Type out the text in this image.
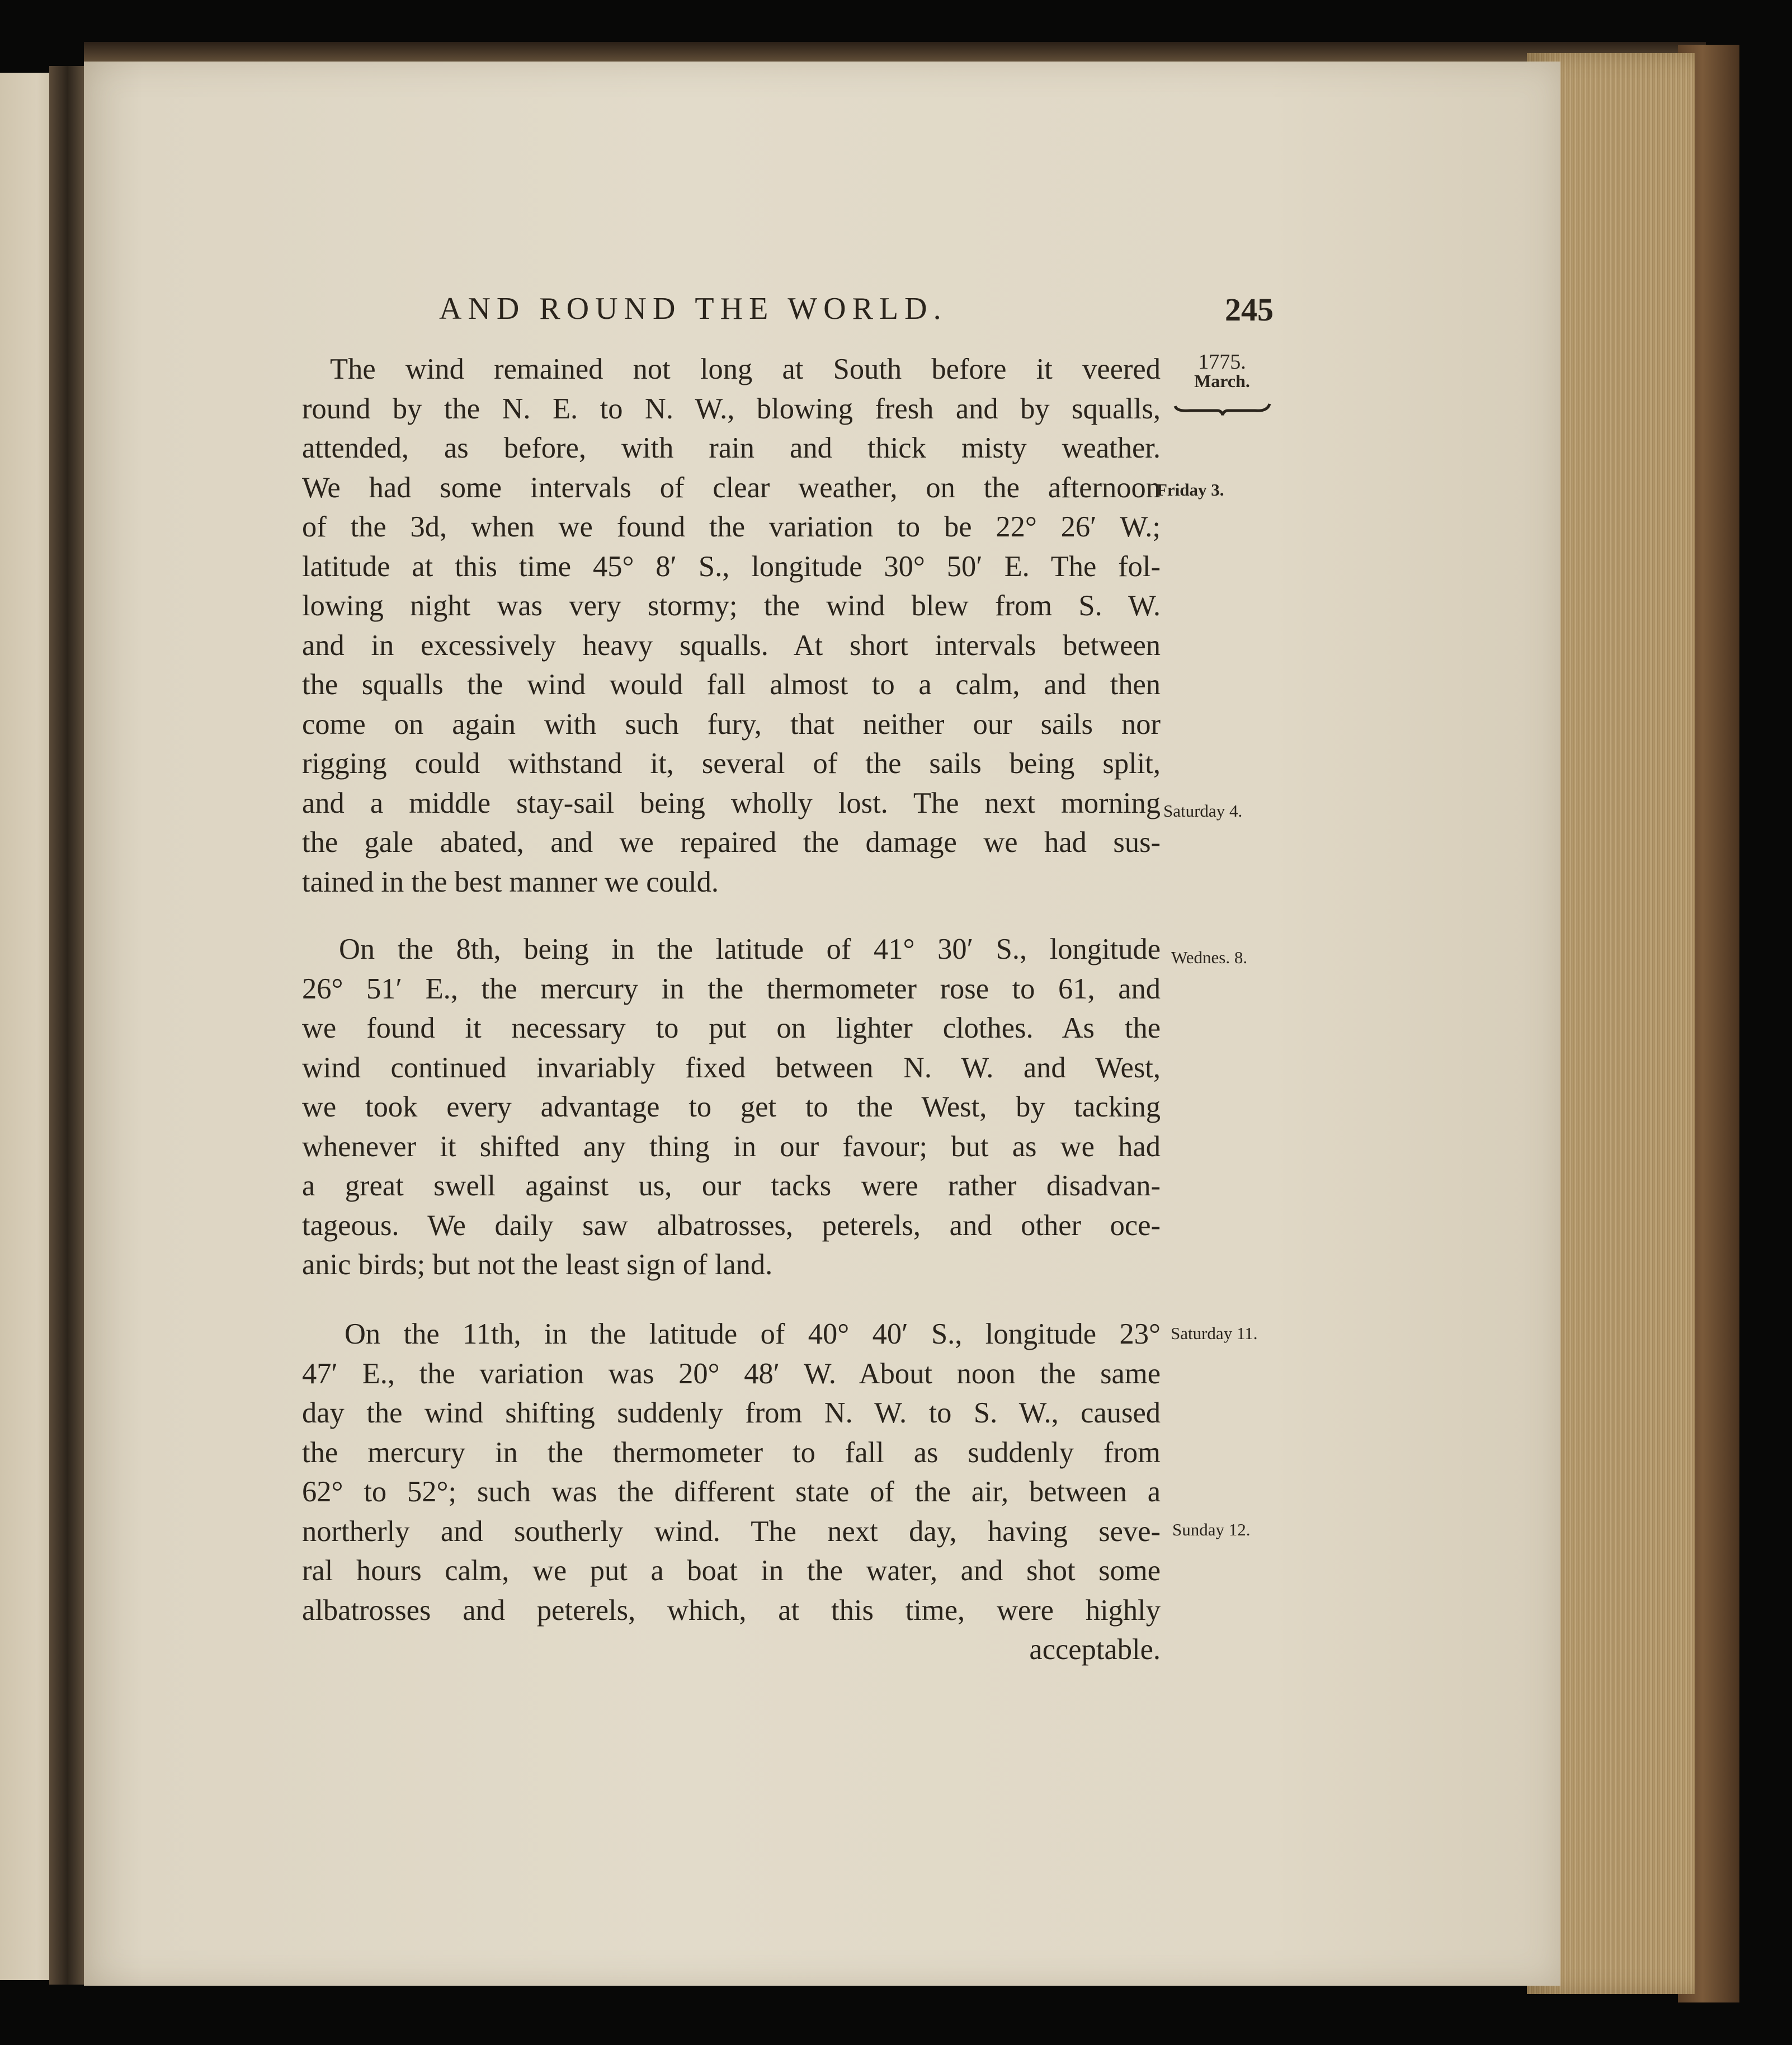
AND ROUND THE WORLD.	245
1775.
March.
Friday 3.
Saturday 4.
Wednes. 8.
Saturday 11.
Sunday 12.
The wind remained not long at South before it veered
round by the N. E. to N. W., blowing fresh and by squalls,
attended, as before, with rain and thick misty weather.
We had some intervals of clear weather, on the afternoon
of the 3d, when we found the variation to be 22° 26′ W.;
latitude at this time 45° 8′ S., longitude 30° 50′ E. The fol-
lowing night was very stormy; the wind blew from S. W.
and in excessively heavy squalls. At short intervals between
the squalls the wind would fall almost to a calm, and then
come on again with such fury, that neither our sails nor
rigging could withstand it, several of the sails being split,
and a middle stay-sail being wholly lost. The next morning
the gale abated, and we repaired the damage we had sus-
tained in the best manner we could.
On the 8th, being in the latitude of 41° 30′ S., longitude
26° 51′ E., the mercury in the thermometer rose to 61, and
we found it necessary to put on lighter clothes. As the
wind continued invariably fixed between N. W. and West,
we took every advantage to get to the West, by tacking
whenever it shifted any thing in our favour; but as we had
a great swell against us, our tacks were rather disadvan-
tageous. We daily saw albatrosses, peterels, and other oce-
anic birds; but not the least sign of land.
On the 11th, in the latitude of 40° 40′ S., longitude 23°
47′ E., the variation was 20° 48′ W. About noon the same
day the wind shifting suddenly from N. W. to S. W., caused
the mercury in the thermometer to fall as suddenly from
62° to 52°; such was the different state of the air, between a
northerly and southerly wind. The next day, having seve-
ral hours calm, we put a boat in the water, and shot some
albatrosses and peterels, which, at this time, were highly
acceptable.
